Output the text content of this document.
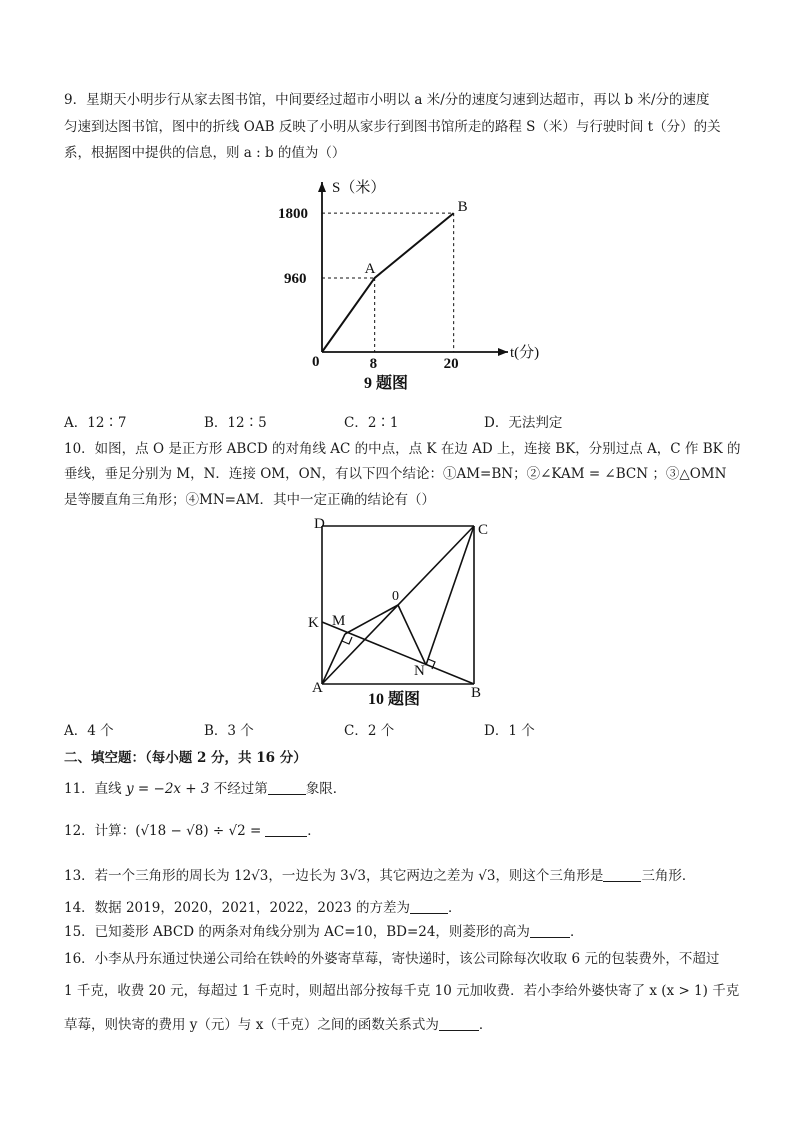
9．星期天小明步行从家去图书馆，中间要经过超市小明以 a 米/分的速度匀速到达超市，再以 b 米/分的速度
匀速到达图书馆，图中的折线 OAB 反映了小明从家步行到图书馆所走的路程 S（米）与行驶时间 t（分）的关
系，根据图中提供的信息，则 a : b 的值为（）
0
A
B
8	20
960
1800
S（米）
t(分)
9 题图
A．12∶7	B．12∶5	C．2∶1	D．无法判定
10．如图，点 O 是正方形 ABCD 的对角线 AC 的中点，点 K 在边 AD 上，连接 BK，分别过点 A，C 作 BK 的
垂线，垂足分别为 M，N．连接 OM，ON，有以下四个结论：①AM=BN；②∠KAM = ∠BCN ；③△OMN
是等腰直角三角形；④MN=AM．其中一定正确的结论有（）
D	C
0
K M
N
A	B
10 题图
A．4 个	B．3 个	C．2 个	D．1 个
二、填空题：（每小题 2 分，共 16 分）
11．直线 y = −2x + 3 不经过第	象限．
12．计算：(√18 − √8) ÷ √2 =	．
13．若一个三角形的周长为 12√3，一边长为 3√3，其它两边之差为 √3，则这个三角形是	三角形．
14．数据 2019，2020，2021，2022，2023 的方差为	．
15．已知菱形 ABCD 的两条对角线分别为 AC=10，BD=24，则菱形的高为	．
16．小李从丹东通过快递公司给在铁岭的外婆寄草莓，寄快递时，该公司除每次收取 6 元的包装费外，不超过
1 千克，收费 20 元，每超过 1 千克时，则超出部分按每千克 10 元加收费．若小李给外婆快寄了 x (x > 1) 千克
草莓，则快寄的费用 y（元）与 x（千克）之间的函数关系式为	．
